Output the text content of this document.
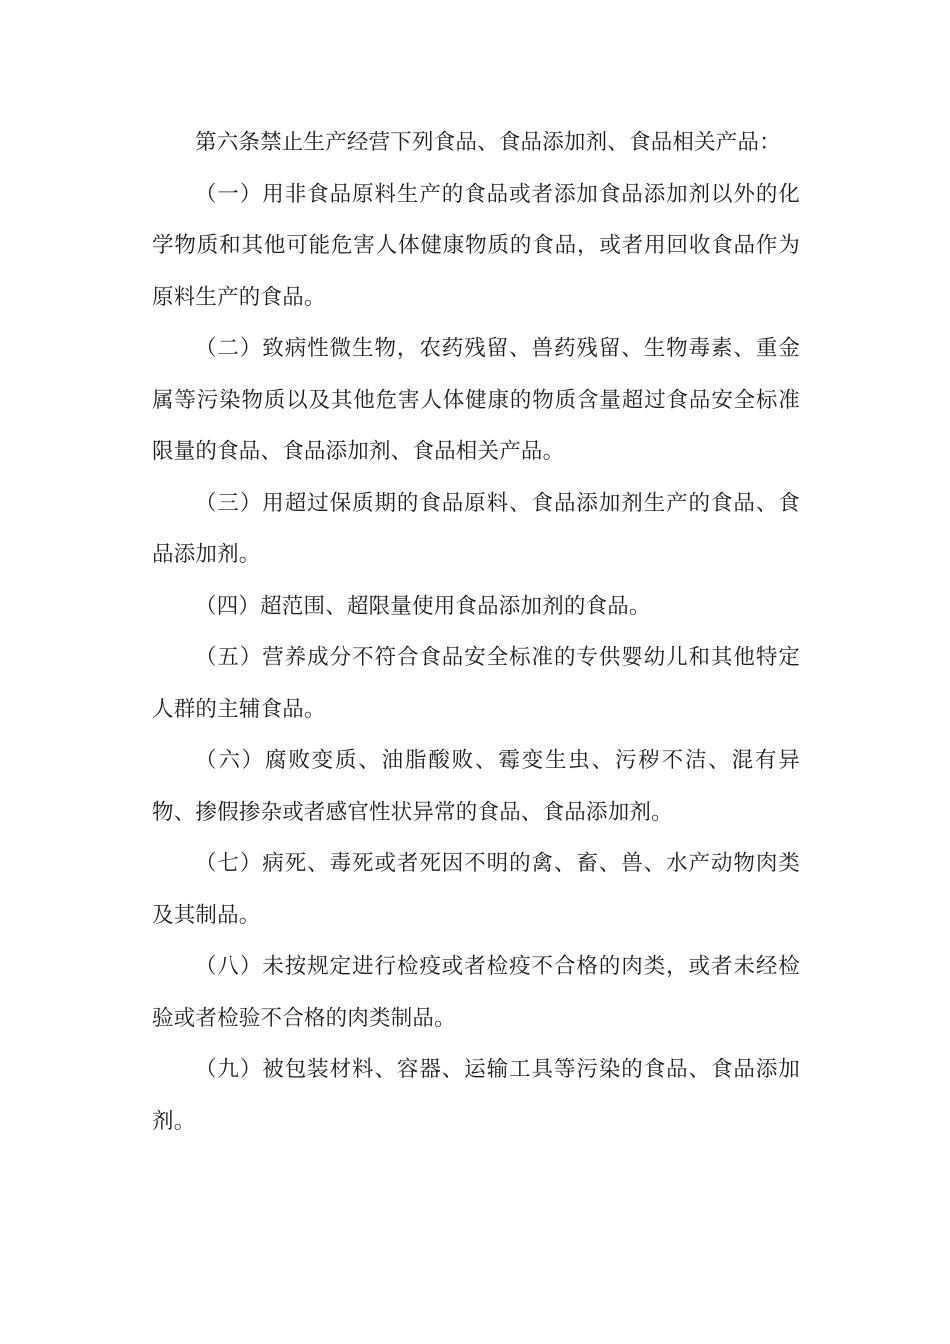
第六条禁止生产经营下列食品、食品添加剂、食品相关产品：

（一）用非食品原料生产的食品或者添加食品添加剂以外的化学物质和其他可能危害人体健康物质的食品，或者用回收食品作为原料生产的食品。

（二）致病性微生物，农药残留、兽药残留、生物毒素、重金属等污染物质以及其他危害人体健康的物质含量超过食品安全标准限量的食品、食品添加剂、食品相关产品。

（三）用超过保质期的食品原料、食品添加剂生产的食品、食品添加剂。

（四）超范围、超限量使用食品添加剂的食品。

（五）营养成分不符合食品安全标准的专供婴幼儿和其他特定人群的主辅食品。

（六）腐败变质、油脂酸败、霉变生虫、污秽不洁、混有异物、掺假掺杂或者感官性状异常的食品、食品添加剂。

（七）病死、毒死或者死因不明的禽、畜、兽、水产动物肉类及其制品。

（八）未按规定进行检疫或者检疫不合格的肉类，或者未经检验或者检验不合格的肉类制品。

（九）被包装材料、容器、运输工具等污染的食品、食品添加剂。
